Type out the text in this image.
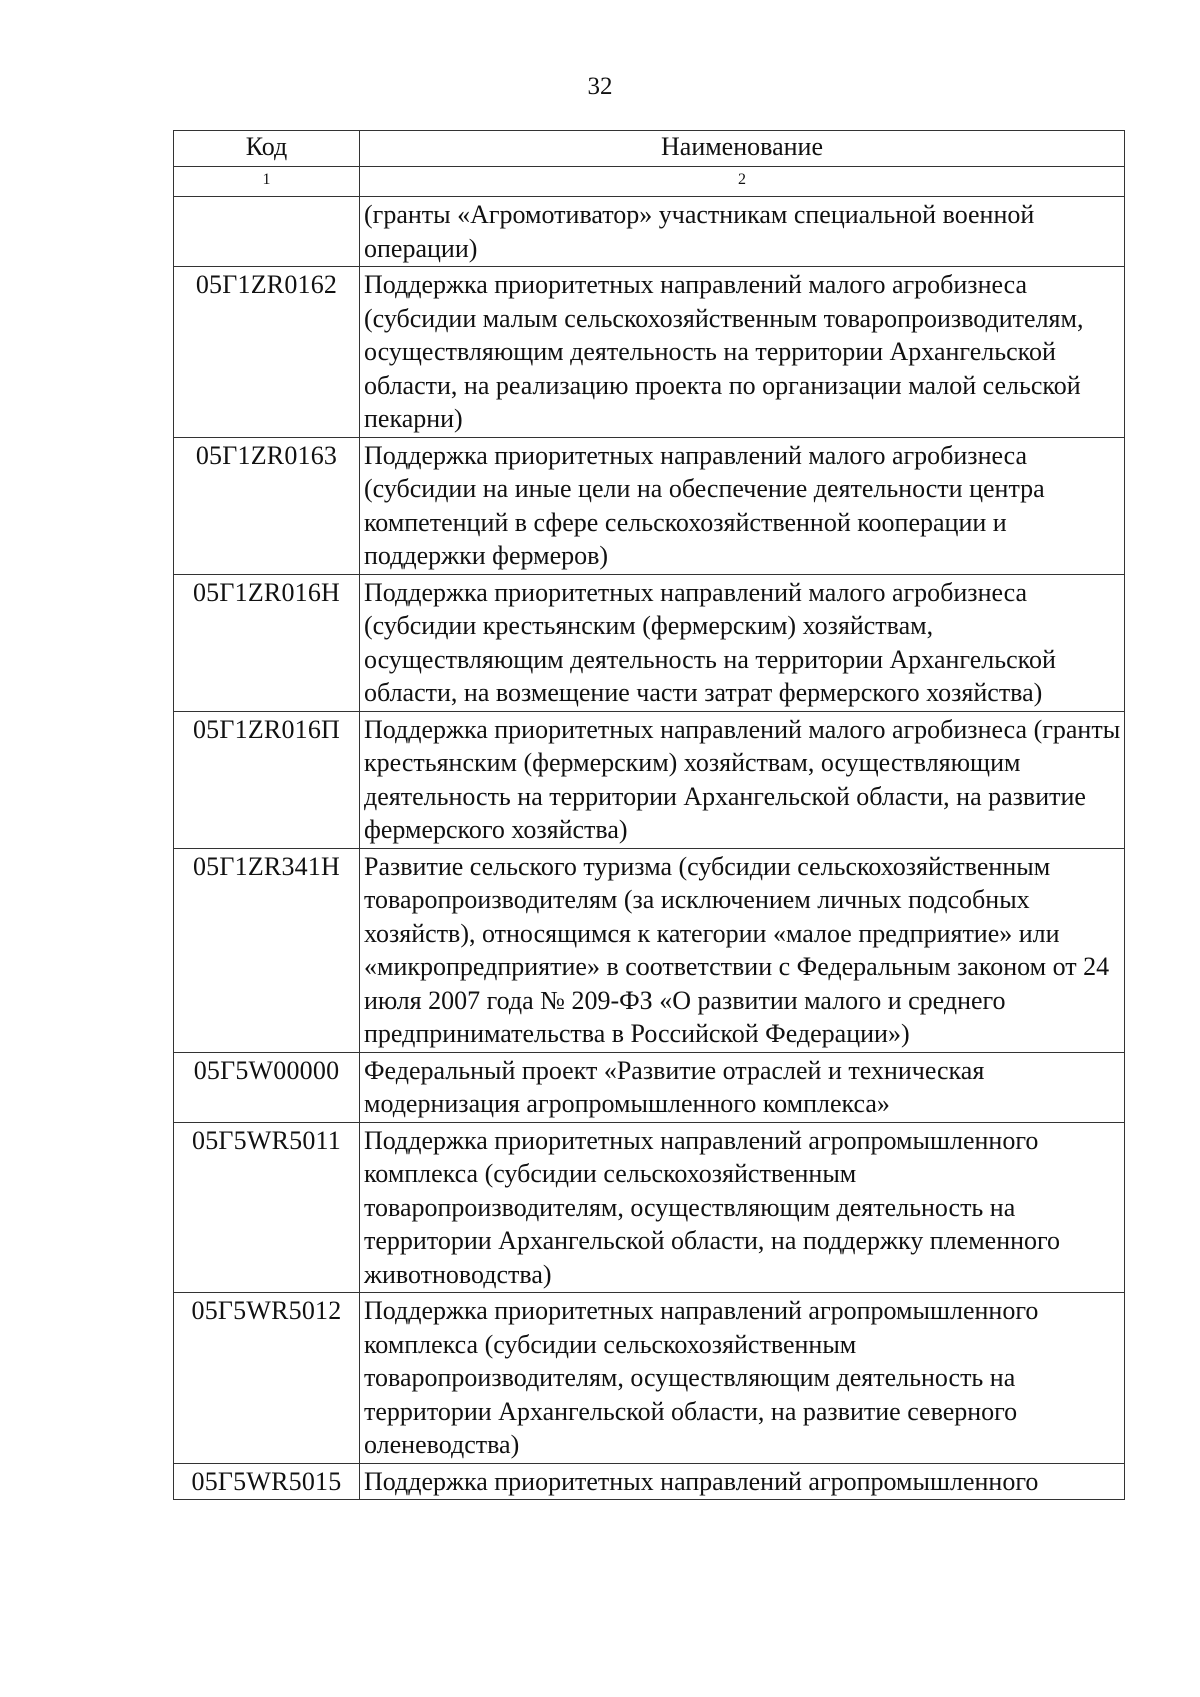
32
Код	Наименование
1	2
	(гранты «Агромотиватор» участникам специальной военной операции)
05Г1ZR0162	Поддержка приоритетных направлений малого агробизнеса (субсидии малым сельскохозяйственным товаропроизводителям, осуществляющим деятельность на территории Архангельской области, на реализацию проекта по организации малой сельской пекарни)
05Г1ZR0163	Поддержка приоритетных направлений малого агробизнеса (субсидии на иные цели на обеспечение деятельности центра компетенций в сфере сельскохозяйственной кооперации и поддержки фермеров)
05Г1ZR016Н	Поддержка приоритетных направлений малого агробизнеса (субсидии крестьянским (фермерским) хозяйствам, осуществляющим деятельность на территории Архангельской области, на возмещение части затрат фермерского хозяйства)
05Г1ZR016П	Поддержка приоритетных направлений малого агробизнеса (гранты крестьянским (фермерским) хозяйствам, осуществляющим деятельность на территории Архангельской области, на развитие фермерского хозяйства)
05Г1ZR341Н	Развитие сельского туризма (субсидии сельскохозяйственным товаропроизводителям (за исключением личных подсобных хозяйств), относящимся к категории «малое предприятие» или «микропредприятие» в соответствии с Федеральным законом от 24 июля 2007 года № 209-ФЗ «О развитии малого и среднего предпринимательства в Российской Федерации»)
05Г5W00000	Федеральный проект «Развитие отраслей и техническая модернизация агропромышленного комплекса»
05Г5WR5011	Поддержка приоритетных направлений агропромышленного комплекса (субсидии сельскохозяйственным товаропроизводителям, осуществляющим деятельность на территории Архангельской области, на поддержку племенного животноводства)
05Г5WR5012	Поддержка приоритетных направлений агропромышленного комплекса (субсидии сельскохозяйственным товаропроизводителям, осуществляющим деятельность на территории Архангельской области, на развитие северного оленеводства)
05Г5WR5015	Поддержка приоритетных направлений агропромышленного
